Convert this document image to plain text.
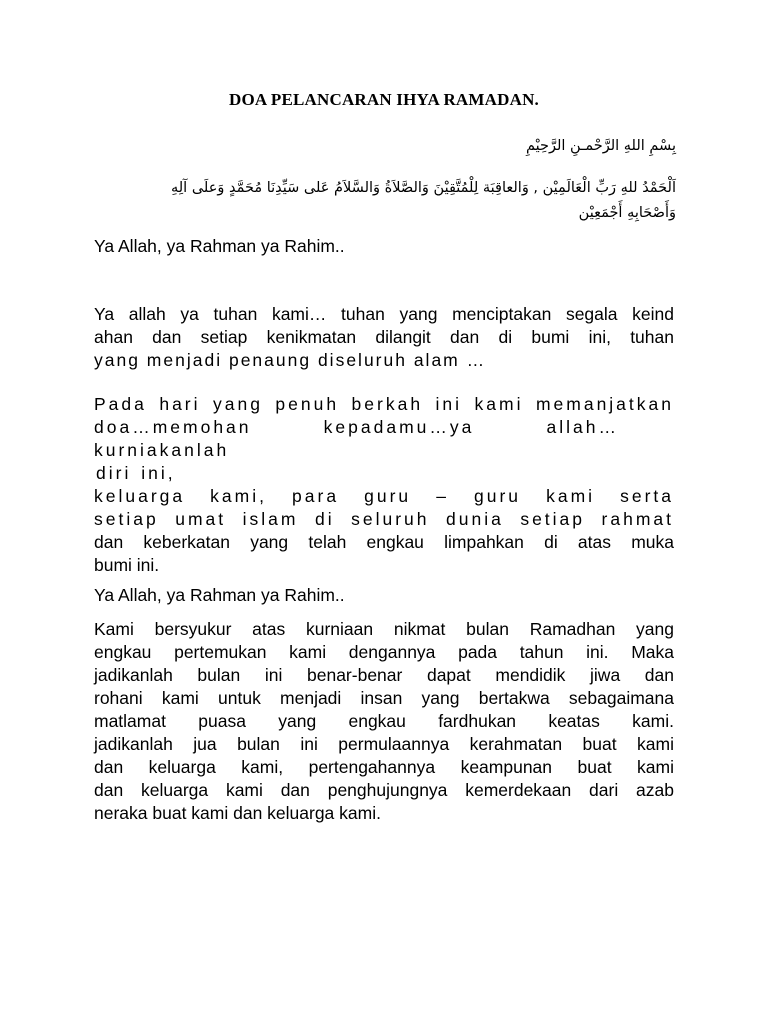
DOA PELANCARAN IHYA RAMADAN.
بِسْمِ اللهِ الرَّحْمـنِ الرَّحِيْمِ
اَلْحَمْدُ للهِ رَبِّ الْعَالَمِيْن , وَالعاقِبَة لِلْمُتَّقِيْنَ وَالصَّلاَةُ وَالسَّلاَمُ عَلى سَيِّدِنَا مُحَمَّدٍ وَعلَى آلِهِ
وَأَصْحَابِهِ أَجْمَعِيْن

Ya Allah, ya Rahman ya Rahim..

Ya allah ya tuhan kami… tuhan yang menciptakan segala keind
ahan dan setiap kenikmatan dilangit dan di bumi ini, tuhan
yang menjadi penaung diseluruh alam …

Pada hari yang penuh berkah ini kami memanjatkan
doa…memohan kepadamu…ya allah… kurniakanlah
diri ini,
keluarga kami, para guru – guru kami serta
setiap umat islam di seluruh dunia setiap rahmat
dan keberkatan yang telah engkau limpahkan di atas muka
bumi ini.

Ya Allah, ya Rahman ya Rahim..

Kami bersyukur atas kurniaan nikmat bulan Ramadhan yang
engkau pertemukan kami dengannya pada tahun ini. Maka
jadikanlah bulan ini benar-benar dapat mendidik jiwa dan
rohani kami untuk menjadi insan yang bertakwa sebagaimana
matlamat puasa yang engkau fardhukan keatas kami.
jadikanlah jua bulan ini permulaannya kerahmatan buat kami
dan keluarga kami, pertengahannya keampunan buat kami
dan keluarga kami dan penghujungnya kemerdekaan dari azab
neraka buat kami dan keluarga kami.
